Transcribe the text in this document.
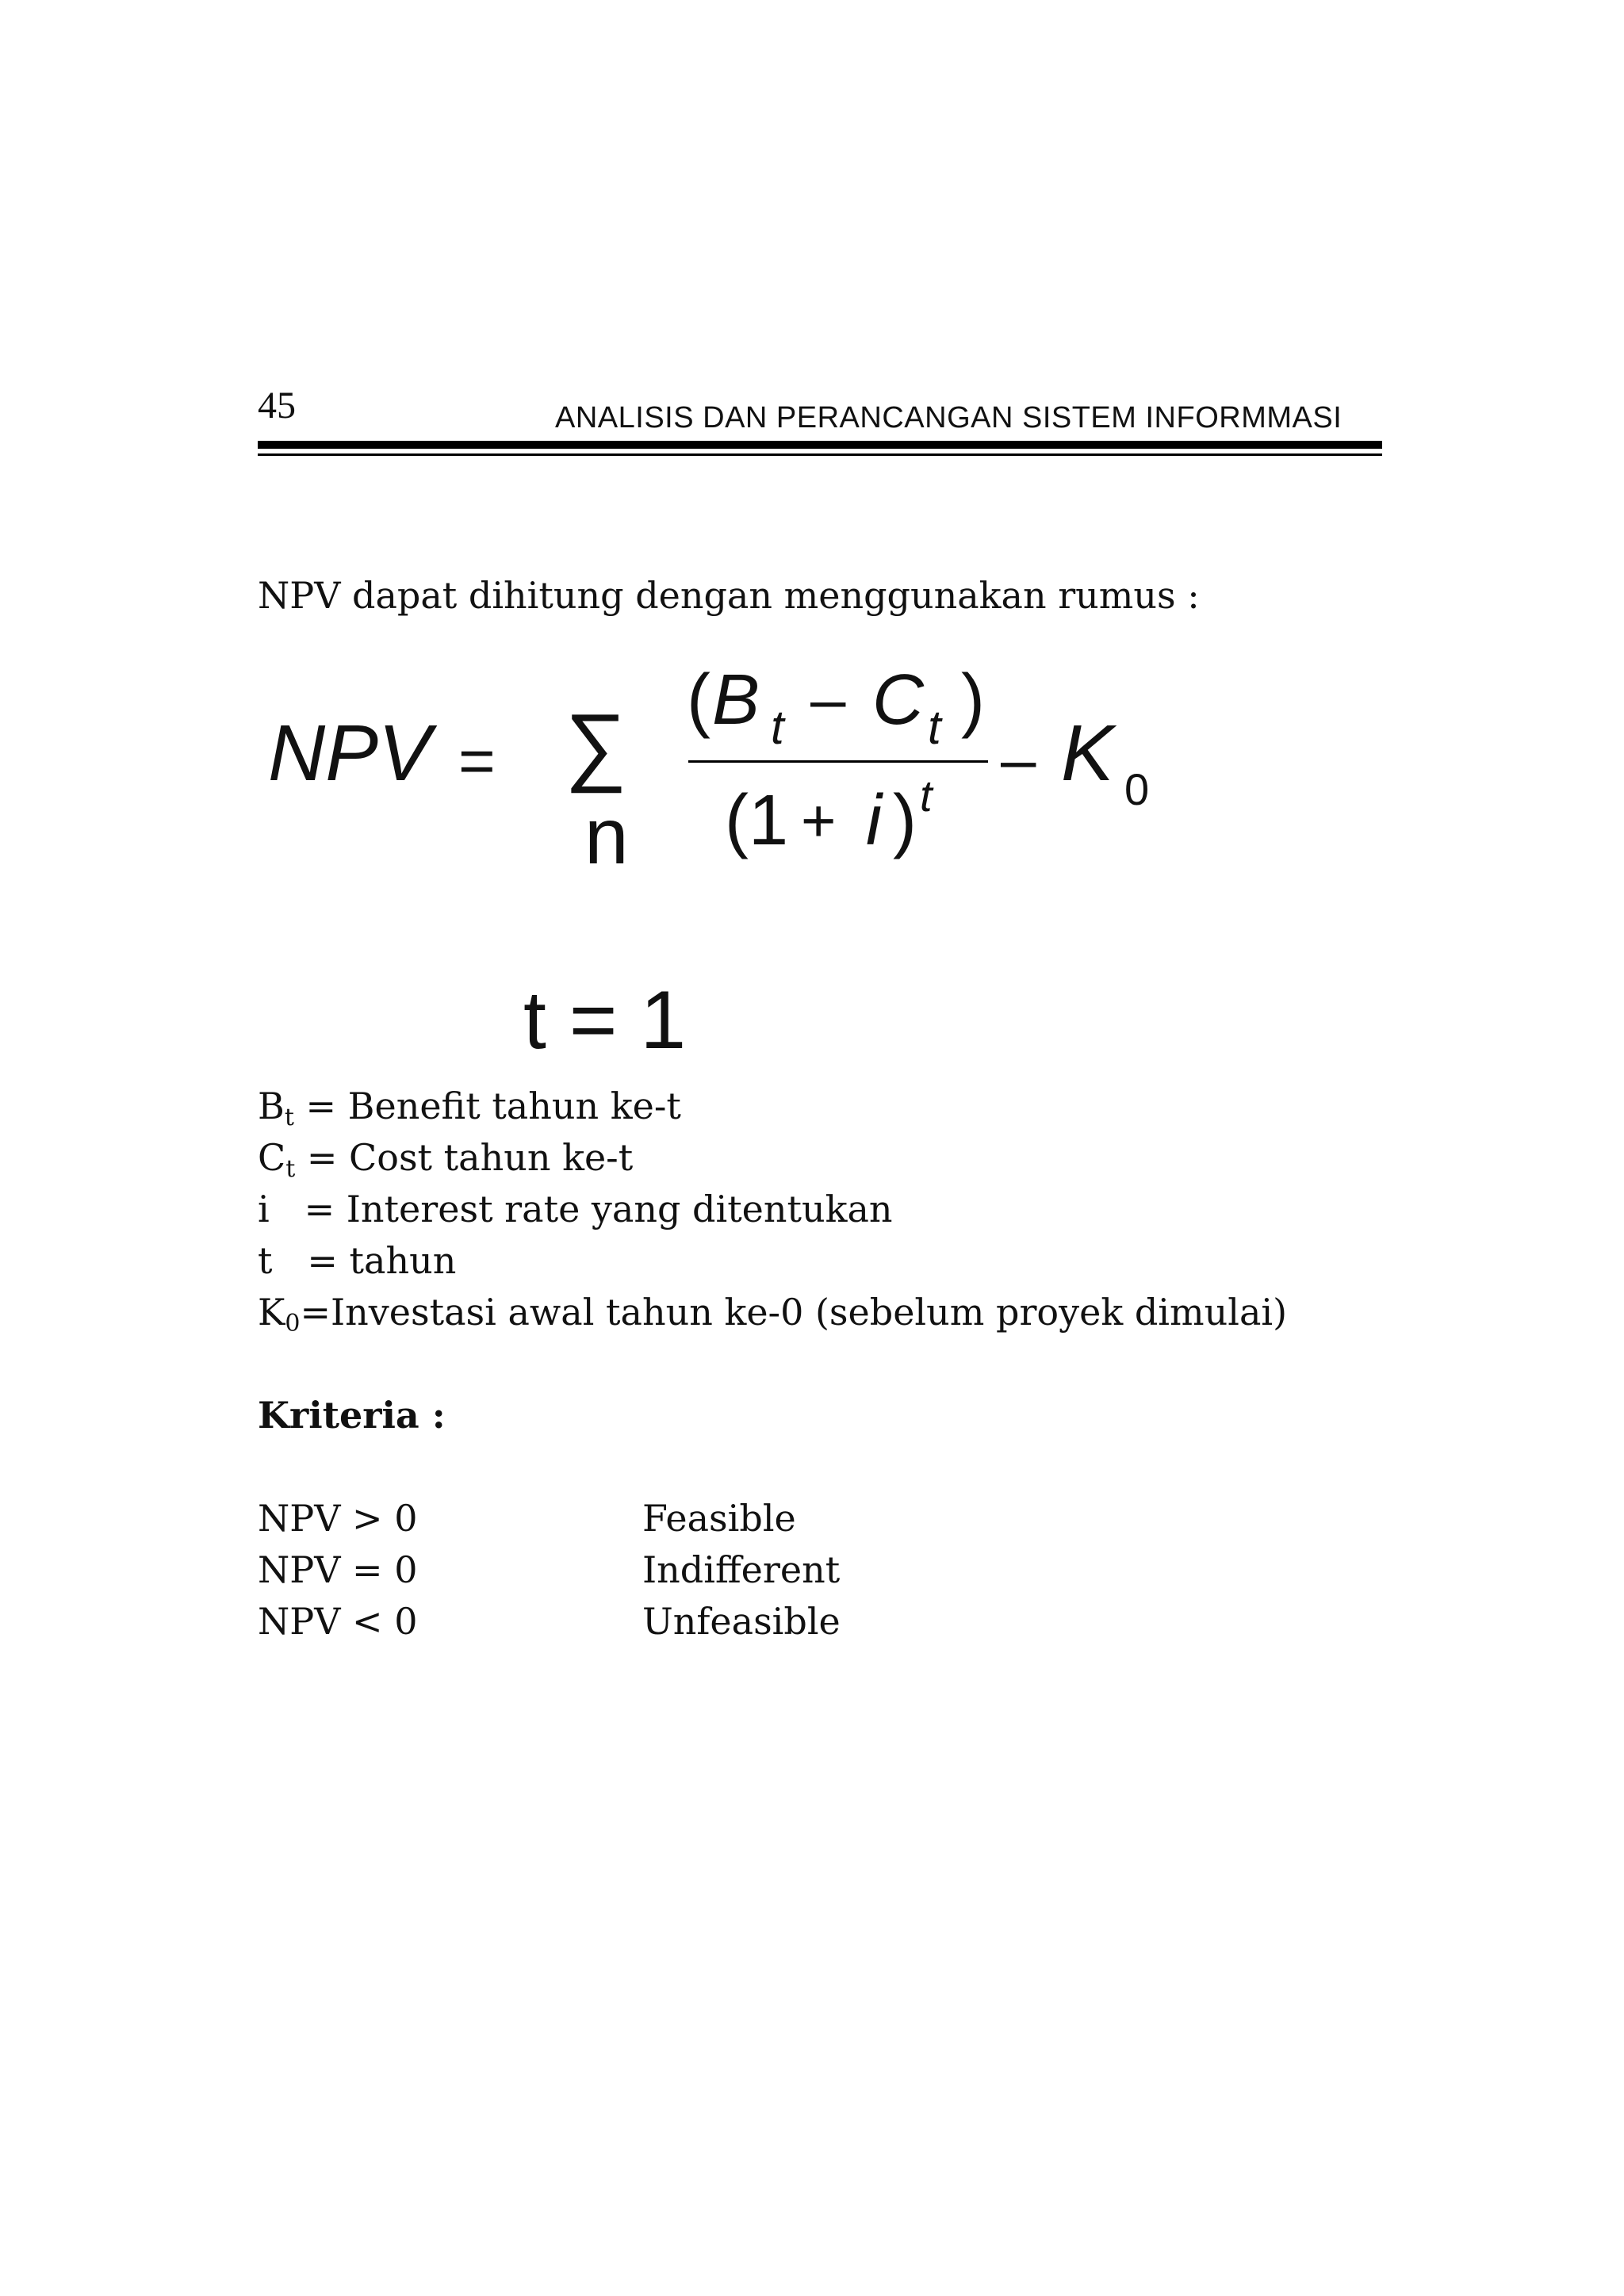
45	ANALISIS DAN PERANCANGAN SISTEM INFORMMASI
NPV dapat dihitung dengan menggunakan rumus :
NPV = ∑
n
( B t – C t )
(1 + i ) t
– K 0
t = 1
$B_t$ = Benefit tahun ke-t
$C_t$ = Cost tahun ke-t
i   = Interest rate yang ditentukan
t   = tahun
$K_0=Investasi$ awal tahun ke-0 (sebelum proyek dimulai)
Kriteria :
NPV > 0	Feasible
NPV = 0	Indifferent
NPV < 0	Unfeasible
